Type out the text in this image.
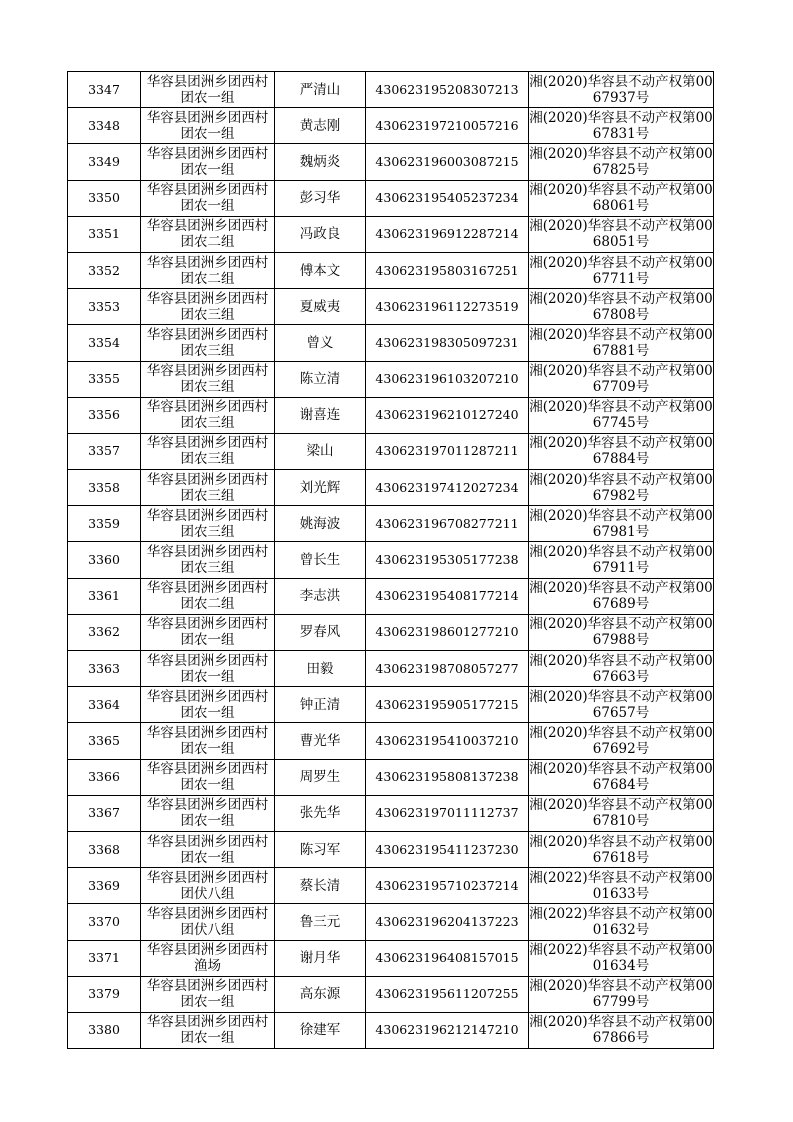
3347	华容县团洲乡团西村团农一组	严清山	430623195208307213	湘(2020)华容县不动产权第0067937号
3348	华容县团洲乡团西村团农一组	黄志刚	430623197210057216	湘(2020)华容县不动产权第0067831号
3349	华容县团洲乡团西村团农一组	魏炳炎	430623196003087215	湘(2020)华容县不动产权第0067825号
3350	华容县团洲乡团西村团农一组	彭习华	430623195405237234	湘(2020)华容县不动产权第0068061号
3351	华容县团洲乡团西村团农二组	冯政良	430623196912287214	湘(2020)华容县不动产权第0068051号
3352	华容县团洲乡团西村团农二组	傅本文	430623195803167251	湘(2020)华容县不动产权第0067711号
3353	华容县团洲乡团西村团农三组	夏威夷	430623196112273519	湘(2020)华容县不动产权第0067808号
3354	华容县团洲乡团西村团农三组	曾义	430623198305097231	湘(2020)华容县不动产权第0067881号
3355	华容县团洲乡团西村团农三组	陈立清	430623196103207210	湘(2020)华容县不动产权第0067709号
3356	华容县团洲乡团西村团农三组	谢喜连	430623196210127240	湘(2020)华容县不动产权第0067745号
3357	华容县团洲乡团西村团农三组	梁山	430623197011287211	湘(2020)华容县不动产权第0067884号
3358	华容县团洲乡团西村团农三组	刘光辉	430623197412027234	湘(2020)华容县不动产权第0067982号
3359	华容县团洲乡团西村团农三组	姚海波	430623196708277211	湘(2020)华容县不动产权第0067981号
3360	华容县团洲乡团西村团农三组	曾长生	430623195305177238	湘(2020)华容县不动产权第0067911号
3361	华容县团洲乡团西村团农二组	李志洪	430623195408177214	湘(2020)华容县不动产权第0067689号
3362	华容县团洲乡团西村团农一组	罗春风	430623198601277210	湘(2020)华容县不动产权第0067988号
3363	华容县团洲乡团西村团农一组	田毅	430623198708057277	湘(2020)华容县不动产权第0067663号
3364	华容县团洲乡团西村团农一组	钟正清	430623195905177215	湘(2020)华容县不动产权第0067657号
3365	华容县团洲乡团西村团农一组	曹光华	430623195410037210	湘(2020)华容县不动产权第0067692号
3366	华容县团洲乡团西村团农一组	周罗生	430623195808137238	湘(2020)华容县不动产权第0067684号
3367	华容县团洲乡团西村团农一组	张先华	430623197011112737	湘(2020)华容县不动产权第0067810号
3368	华容县团洲乡团西村团农一组	陈习军	430623195411237230	湘(2020)华容县不动产权第0067618号
3369	华容县团洲乡团西村团伏八组	蔡长清	430623195710237214	湘(2022)华容县不动产权第0001633号
3370	华容县团洲乡团西村团伏八组	鲁三元	430623196204137223	湘(2022)华容县不动产权第0001632号
3371	华容县团洲乡团西村渔场	谢月华	430623196408157015	湘(2022)华容县不动产权第0001634号
3379	华容县团洲乡团西村团农一组	高东源	430623195611207255	湘(2020)华容县不动产权第0067799号
3380	华容县团洲乡团西村团农一组	徐建军	430623196212147210	湘(2020)华容县不动产权第0067866号
